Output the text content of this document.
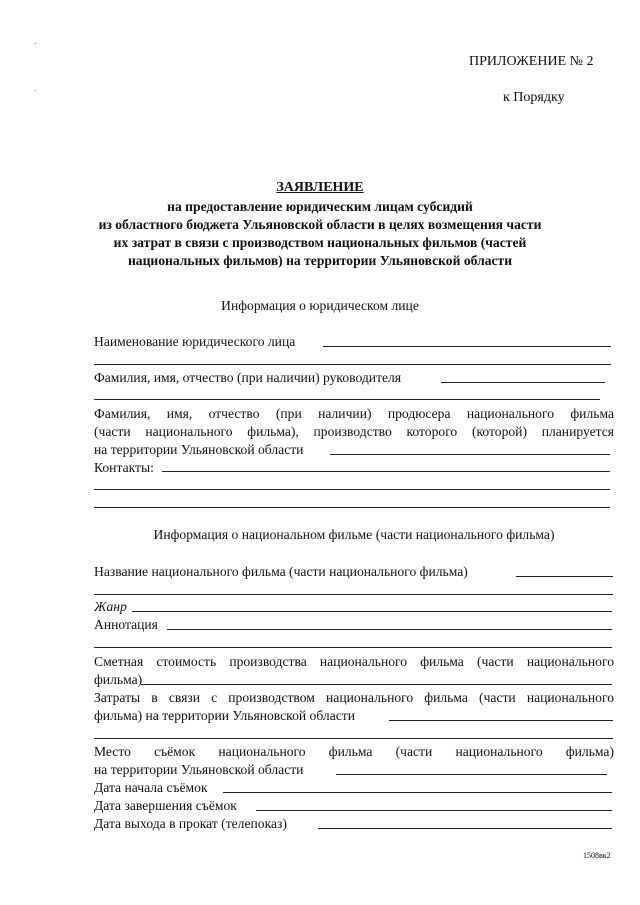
ПРИЛОЖЕНИЕ № 2
к Порядку
ЗАЯВЛЕНИЕ
на предоставление юридическим лицам субсидий
из областного бюджета Ульяновской области в целях возмещения части
их затрат в связи с производством национальных фильмов (частей
национальных фильмов) на территории Ульяновской области
Информация о юридическом лице
Наименование юридического лица
Фамилия, имя, отчество (при наличии) руководителя
Фамилия, имя, отчество (при наличии) продюсера национального фильма
(части национального фильма), производство которого (которой) планируется
на территории Ульяновской области
Контакты:
Информация о национальном фильме (части национального фильма)
Название национального фильма (части национального фильма)
Жанр
Аннотация
Сметная стоимость производства национального фильма (части национального
фильма)
Затраты в связи с производством национального фильма (части национального
фильма) на территории Ульяновской области
Место съёмок национального фильма (части национального фильма)
на территории Ульяновской области
Дата начала съёмок
Дата завершения съёмок
Дата выхода в прокат (телепоказ)
1508вк2
